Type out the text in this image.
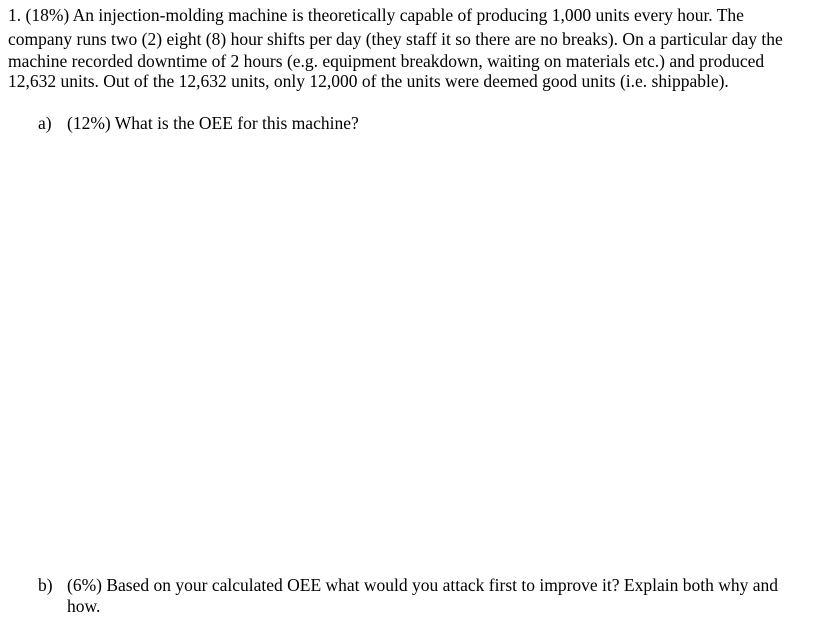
1. (18%) An injection-molding machine is theoretically capable of producing 1,000 units every hour. The
company runs two (2) eight (8) hour shifts per day (they staff it so there are no breaks). On a particular day the
machine recorded downtime of 2 hours (e.g. equipment breakdown, waiting on materials etc.) and produced
12,632 units. Out of the 12,632 units, only 12,000 of the units were deemed good units (i.e. shippable).
a) (12%) What is the OEE for this machine?
b) (6%) Based on your calculated OEE what would you attack first to improve it? Explain both why and
how.
